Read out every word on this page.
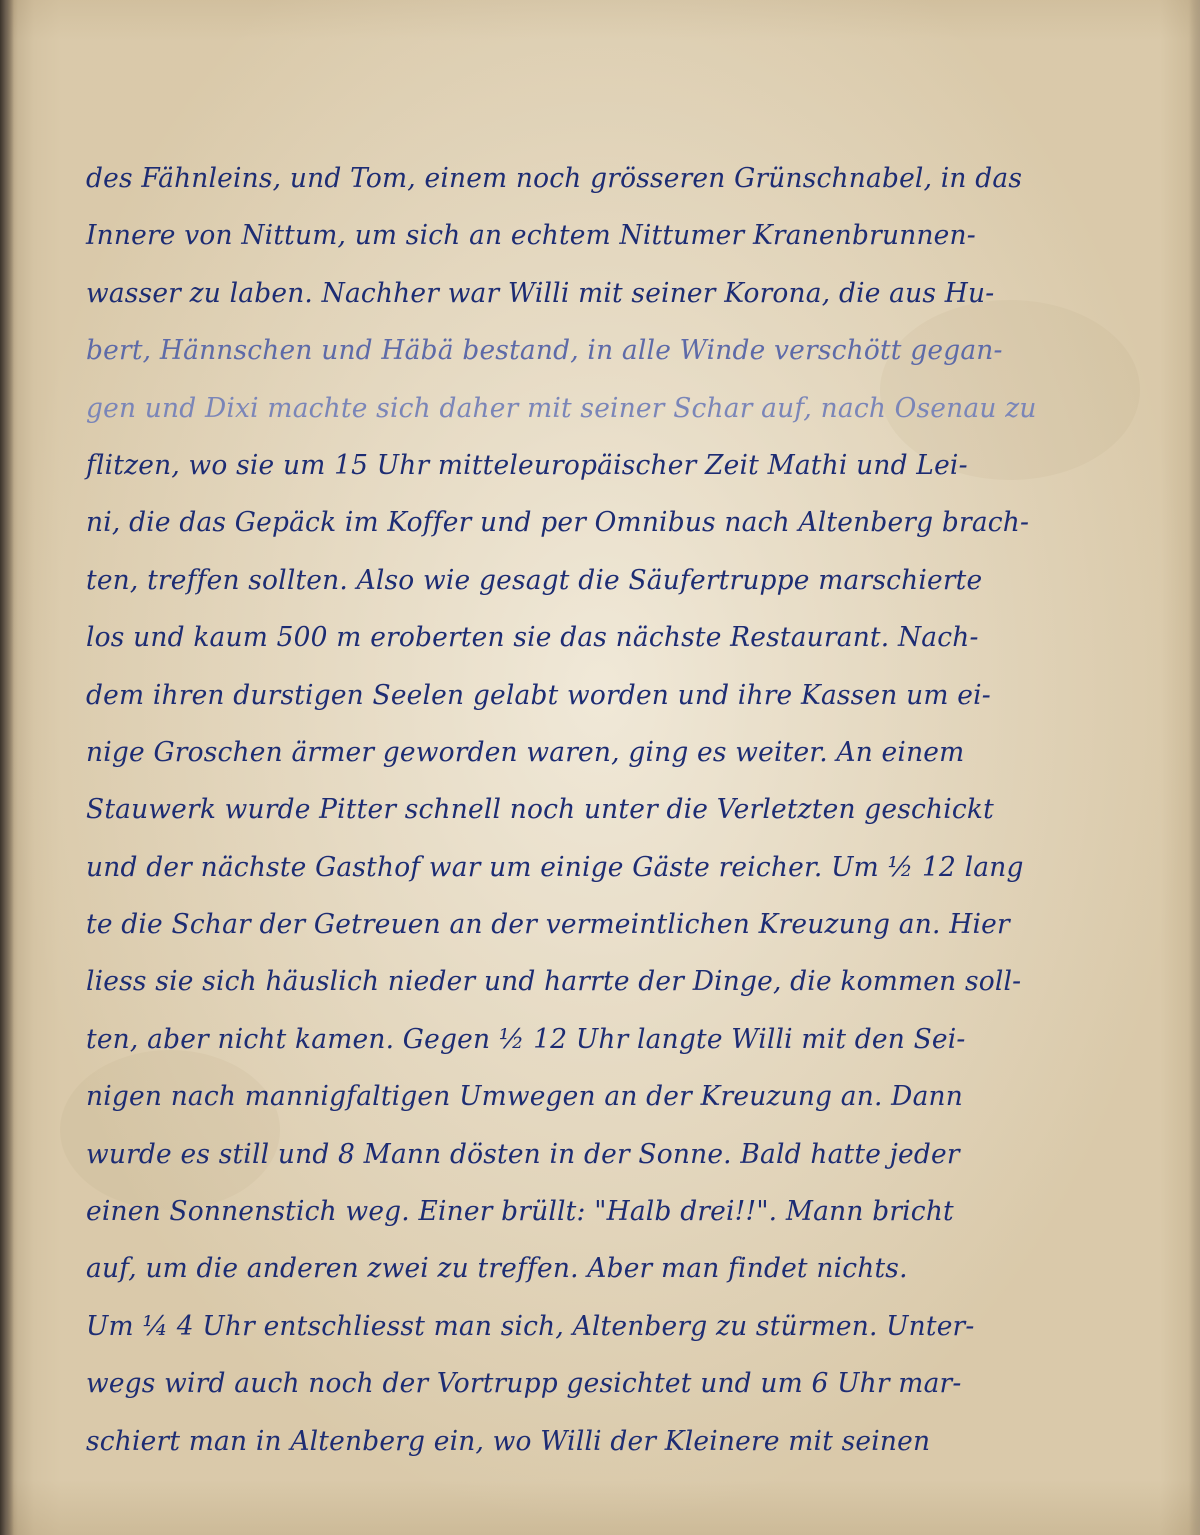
des Fähnleins, und Tom, einem noch grösseren Grünschnabel, in das
Innere von Nittum, um sich an echtem Nittumer Kranenbrunnen-
wasser zu laben. Nachher war Willi mit seiner Korona, die aus Hu-
bert, Hännschen und Häbä bestand, in alle Winde verschött gegan-
gen und Dixi machte sich daher mit seiner Schar auf, nach Osenau zu
flitzen, wo sie um 15 Uhr mitteleuropäischer Zeit Mathi und Lei-
ni, die das Gepäck im Koffer und per Omnibus nach Altenberg brach-
ten, treffen sollten. Also wie gesagt die Säufertruppe marschierte
los und kaum 500 m eroberten sie das nächste Restaurant. Nach-
dem ihren durstigen Seelen gelabt worden und ihre Kassen um ei-
nige Groschen ärmer geworden waren, ging es weiter. An einem
Stauwerk wurde Pitter schnell noch unter die Verletzten geschickt
und der nächste Gasthof war um einige Gäste reicher. Um ½ 12 lang
te die Schar der Getreuen an der vermeintlichen Kreuzung an. Hier
liess sie sich häuslich nieder und harrte der Dinge, die kommen soll-
ten, aber nicht kamen. Gegen ½ 12 Uhr langte Willi mit den Sei-
nigen nach mannigfaltigen Umwegen an der Kreuzung an. Dann
wurde es still und 8 Mann dösten in der Sonne. Bald hatte jeder
einen Sonnenstich weg. Einer brüllt: "Halb drei!!". Mann bricht
auf, um die anderen zwei zu treffen. Aber man findet nichts.
Um ¼ 4 Uhr entschliesst man sich, Altenberg zu stürmen. Unter-
wegs wird auch noch der Vortrupp gesichtet und um 6 Uhr mar-
schiert man in Altenberg ein, wo Willi der Kleinere mit seinen
